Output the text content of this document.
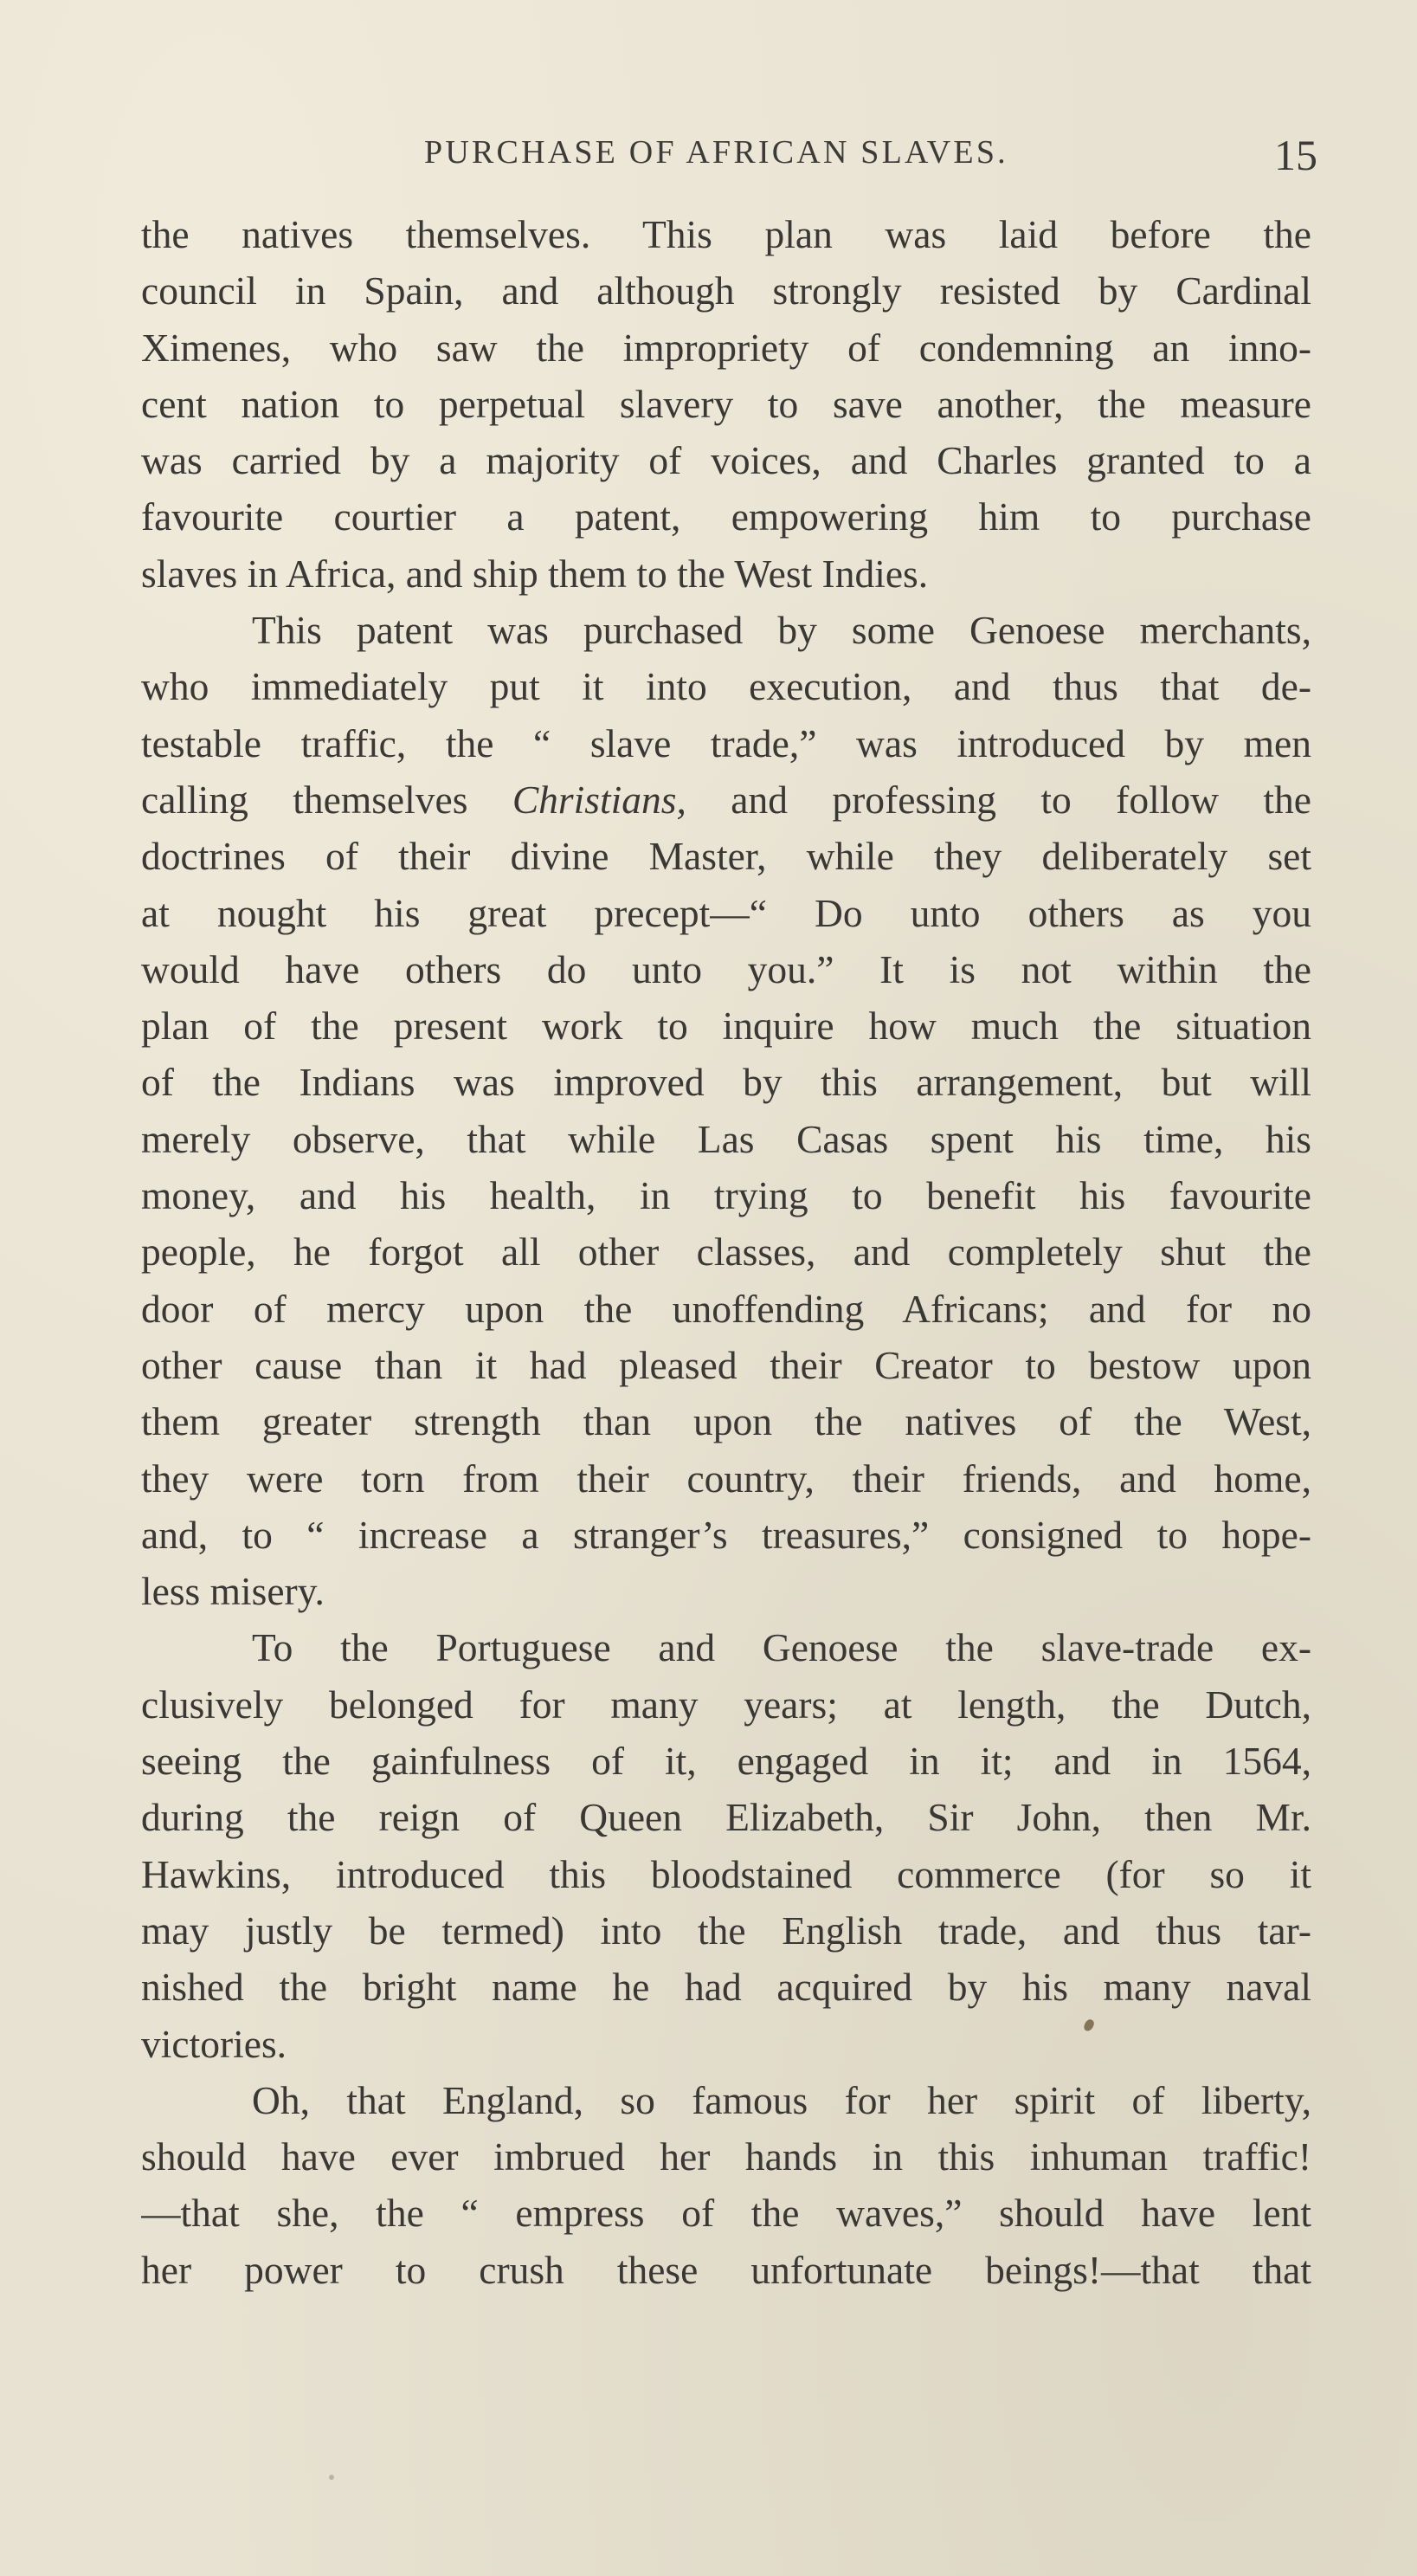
PURCHASE OF AFRICAN SLAVES.	15
the natives themselves. This plan was laid before the
council in Spain, and although strongly resisted by Cardinal
Ximenes, who saw the impropriety of condemning an inno-
cent nation to perpetual slavery to save another, the measure
was carried by a majority of voices, and Charles granted to a
favourite courtier a patent, empowering him to purchase
slaves in Africa, and ship them to the West Indies.
This patent was purchased by some Genoese merchants,
who immediately put it into execution, and thus that de-
testable traffic, the “ slave trade,” was introduced by men
calling themselves Christians, and professing to follow the
doctrines of their divine Master, while they deliberately set
at nought his great precept—“ Do unto others as you
would have others do unto you.” It is not within the
plan of the present work to inquire how much the situation
of the Indians was improved by this arrangement, but will
merely observe, that while Las Casas spent his time, his
money, and his health, in trying to benefit his favourite
people, he forgot all other classes, and completely shut the
door of mercy upon the unoffending Africans; and for no
other cause than it had pleased their Creator to bestow upon
them greater strength than upon the natives of the West,
they were torn from their country, their friends, and home,
and, to “ increase a stranger’s treasures,” consigned to hope-
less misery.
To the Portuguese and Genoese the slave-trade ex-
clusively belonged for many years; at length, the Dutch,
seeing the gainfulness of it, engaged in it; and in 1564,
during the reign of Queen Elizabeth, Sir John, then Mr.
Hawkins, introduced this bloodstained commerce (for so it
may justly be termed) into the English trade, and thus tar-
nished the bright name he had acquired by his many naval
victories.
Oh, that England, so famous for her spirit of liberty,
should have ever imbrued her hands in this inhuman traffic!
—that she, the “ empress of the waves,” should have lent
her power to crush these unfortunate beings!—that that
